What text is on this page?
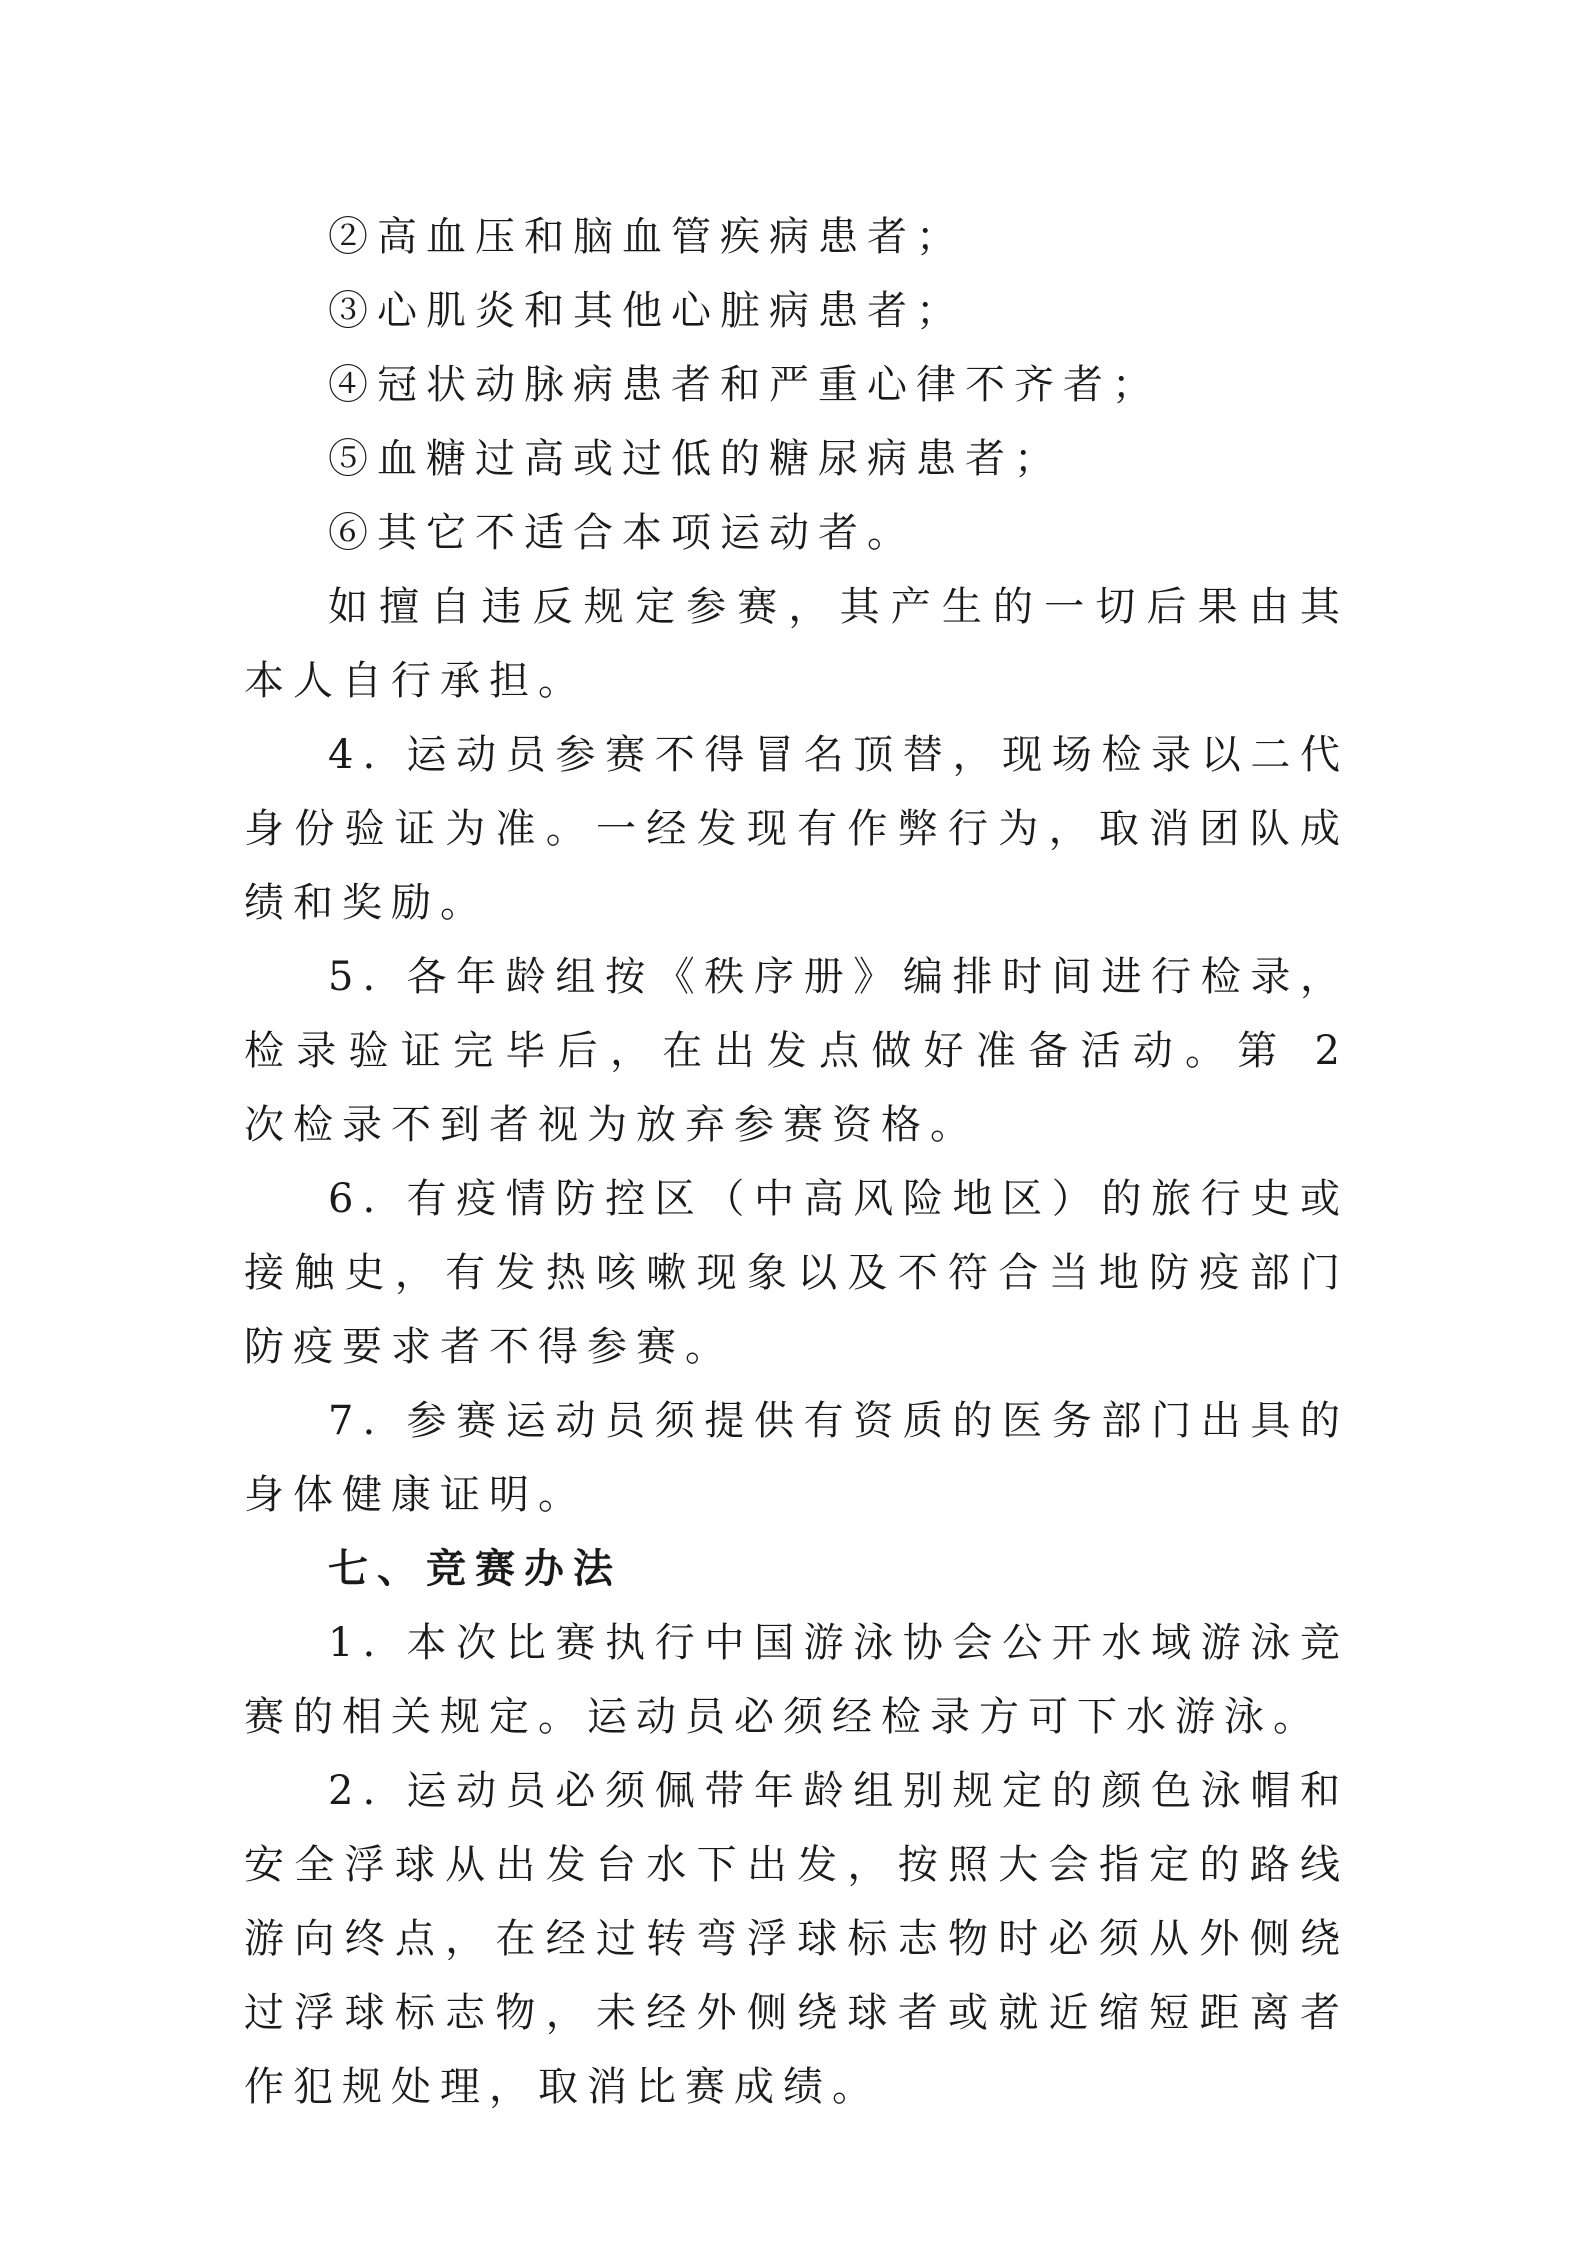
②高血压和脑血管疾病患者；

③心肌炎和其他心脏病患者；

④冠状动脉病患者和严重心律不齐者；

⑤血糖过高或过低的糖尿病患者；

⑥其它不适合本项运动者。

如擅自违反规定参赛，其产生的一切后果由其本人自行承担。

4. 运动员参赛不得冒名顶替，现场检录以二代身份验证为准。一经发现有作弊行为，取消团队成绩和奖励。

5. 各年龄组按《秩序册》编排时间进行检录，检录验证完毕后，在出发点做好准备活动。第 2 次检录不到者视为放弃参赛资格。

6. 有疫情防控区（中高风险地区）的旅行史或接触史，有发热咳嗽现象以及不符合当地防疫部门防疫要求者不得参赛。

7. 参赛运动员须提供有资质的医务部门出具的身体健康证明。

七、竞赛办法

1. 本次比赛执行中国游泳协会公开水域游泳竞赛的相关规定。运动员必须经检录方可下水游泳。

2. 运动员必须佩带年龄组别规定的颜色泳帽和安全浮球从出发台水下出发，按照大会指定的路线游向终点，在经过转弯浮球标志物时必须从外侧绕过浮球标志物，未经外侧绕球者或就近缩短距离者作犯规处理，取消比赛成绩。
